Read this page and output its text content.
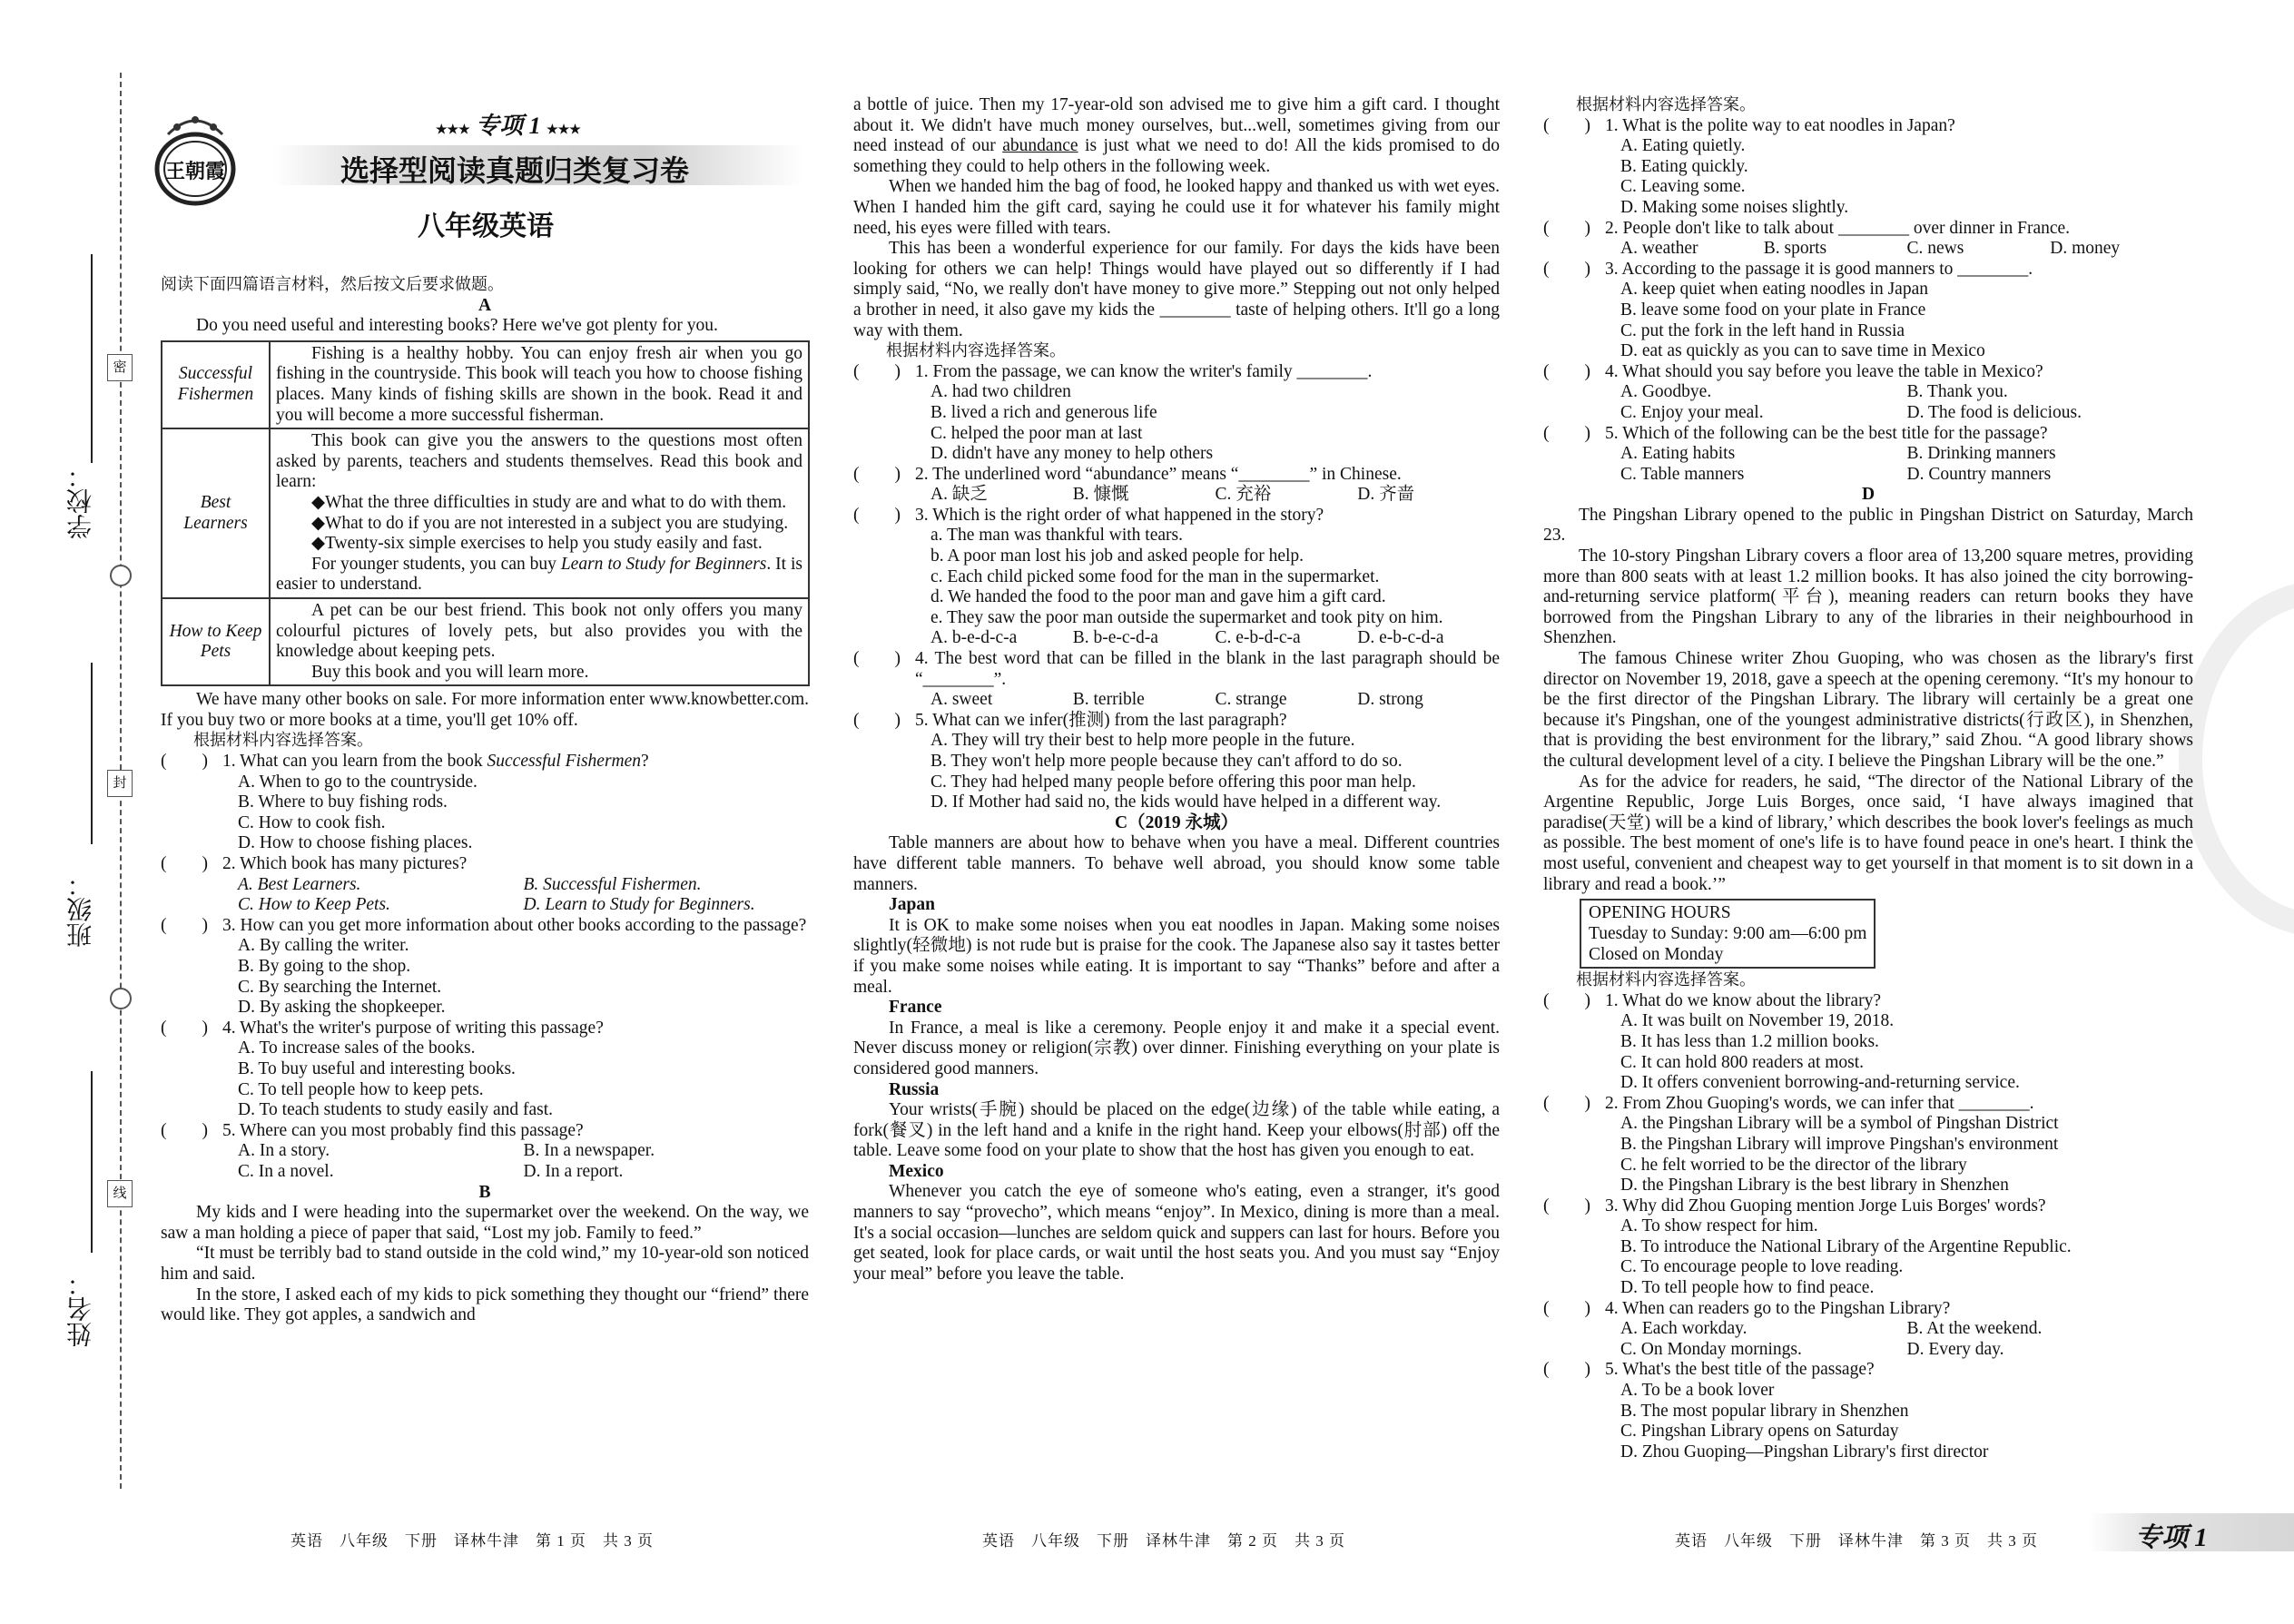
学校：
班级：
姓名：
密
封
线
王朝霞
★★★ 专项 1 ★★★
选择型阅读真题归类复习卷
八年级英语

阅读下面四篇语言材料，然后按文后要求做题。

A

Do you need useful and interesting books? Here we've got plenty for you.

Successful Fishermen	Fishing is a healthy hobby. You can enjoy fresh air when you go fishing in the countryside. This book will teach you how to choose fishing places. Many kinds of fishing skills are shown in the book. Read it and you will become a more successful fisherman.

Best Learners	This book can give you the answers to the questions most often asked by parents, teachers and students themselves. Read this book and learn:

◆What the three difficulties in study are and what to do with them.

◆What to do if you are not interested in a subject you are studying.

◆Twenty-six simple exercises to help you study easily and fast.

For younger students, you can buy Learn to Study for Beginners. It is easier to understand.

How to Keep Pets	A pet can be our best friend. This book not only offers you many colourful pictures of lovely pets, but also provides you with the knowledge about keeping pets.

Buy this book and you will learn more.

We have many other books on sale. For more information enter www.knowbetter.com. If you buy two or more books at a time, you'll get 10% off.

根据材料内容选择答案。

(　　) 1. What can you learn from the book Successful Fishermen?
A. When to go to the countryside.
B. Where to buy fishing rods.
C. How to cook fish.
D. How to choose fishing places.
(　　) 2. Which book has many pictures?
A. Best Learners.	B. Successful Fishermen.
C. How to Keep Pets.	D. Learn to Study for Beginners.
(　　) 3. How can you get more information about other books according to the passage?
A. By calling the writer.
B. By going to the shop.
C. By searching the Internet.
D. By asking the shopkeeper.
(　　) 4. What's the writer's purpose of writing this passage?
A. To increase sales of the books.
B. To buy useful and interesting books.
C. To tell people how to keep pets.
D. To teach students to study easily and fast.
(　　) 5. Where can you most probably find this passage?
A. In a story.	B. In a newspaper.
C. In a novel.	D. In a report.

B

My kids and I were heading into the supermarket over the weekend. On the way, we saw a man holding a piece of paper that said, “Lost my job. Family to feed.”

“It must be terribly bad to stand outside in the cold wind,” my 10-year-old son noticed him and said.

In the store, I asked each of my kids to pick something they thought our “friend” there would like. They got apples, a sandwich and

a bottle of juice. Then my 17-year-old son advised me to give him a gift card. I thought about it. We didn't have much money ourselves, but...well, sometimes giving from our need instead of our abundance is just what we need to do! All the kids promised to do something they could to help others in the following week.

When we handed him the bag of food, he looked happy and thanked us with wet eyes. When I handed him the gift card, saying he could use it for whatever his family might need, his eyes were filled with tears.

This has been a wonderful experience for our family. For days the kids have been looking for others we can help! Things would have played out so differently if I had simply said, “No, we really don't have money to give more.” Stepping out not only helped a brother in need, it also gave my kids the ________ taste of helping others. It'll go a long way with them.

根据材料内容选择答案。

(　　) 1. From the passage, we can know the writer's family ________.
A. had two children
B. lived a rich and generous life
C. helped the poor man at last
D. didn't have any money to help others
(　　) 2. The underlined word “abundance” means “________” in Chinese.
A. 缺乏	B. 慷慨	C. 充裕	D. 齐啬
(　　) 3. Which is the right order of what happened in the story?
a. The man was thankful with tears.
b. A poor man lost his job and asked people for help.
c. Each child picked some food for the man in the supermarket.
d. We handed the food to the poor man and gave him a gift card.
e. They saw the poor man outside the supermarket and took pity on him.
A. b-e-d-c-a	B. b-e-c-d-a	C. e-b-d-c-a	D. e-b-c-d-a
(　　) 4. The best word that can be filled in the blank in the last paragraph should be “________”.
A. sweet	B. terrible	C. strange	D. strong
(　　) 5. What can we infer(推测) from the last paragraph?
A. They will try their best to help more people in the future.
B. They won't help more people because they can't afford to do so.
C. They had helped many people before offering this poor man help.
D. If Mother had said no, the kids would have helped in a different way.

C（2019 永城）

Table manners are about how to behave when you have a meal. Different countries have different table manners. To behave well abroad, you should know some table manners.

Japan

It is OK to make some noises when you eat noodles in Japan. Making some noises slightly(轻微地) is not rude but is praise for the cook. The Japanese also say it tastes better if you make some noises while eating. It is important to say “Thanks” before and after a meal.

France

In France, a meal is like a ceremony. People enjoy it and make it a special event. Never discuss money or religion(宗教) over dinner. Finishing everything on your plate is considered good manners.

Russia

Your wrists(手腕) should be placed on the edge(边缘) of the table while eating, a fork(餐叉) in the left hand and a knife in the right hand. Keep your elbows(肘部) off the table. Leave some food on your plate to show that the host has given you enough to eat.

Mexico

Whenever you catch the eye of someone who's eating, even a stranger, it's good manners to say “provecho”, which means “enjoy”. In Mexico, dining is more than a meal. It's a social occasion—lunches are seldom quick and suppers can last for hours. Before you get seated, look for place cards, or wait until the host seats you. And you must say “Enjoy your meal” before you leave the table.

根据材料内容选择答案。

(　　) 1. What is the polite way to eat noodles in Japan?
A. Eating quietly.
B. Eating quickly.
C. Leaving some.
D. Making some noises slightly.
(　　) 2. People don't like to talk about ________ over dinner in France.
A. weather	B. sports	C. news	D. money
(　　) 3. According to the passage it is good manners to ________.
A. keep quiet when eating noodles in Japan
B. leave some food on your plate in France
C. put the fork in the left hand in Russia
D. eat as quickly as you can to save time in Mexico
(　　) 4. What should you say before you leave the table in Mexico?
A. Goodbye.	B. Thank you.
C. Enjoy your meal.	D. The food is delicious.
(　　) 5. Which of the following can be the best title for the passage?
A. Eating habits	B. Drinking manners
C. Table manners	D. Country manners

D

The Pingshan Library opened to the public in Pingshan District on Saturday, March 23.

The 10-story Pingshan Library covers a floor area of 13,200 square metres, providing more than 800 seats with at least 1.2 million books. It has also joined the city borrowing-and-returning service platform(平台), meaning readers can return books they have borrowed from the Pingshan Library to any of the libraries in their neighbourhood in Shenzhen.

The famous Chinese writer Zhou Guoping, who was chosen as the library's first director on November 19, 2018, gave a speech at the opening ceremony. “It's my honour to be the first director of the Pingshan Library. The library will certainly be a great one because it's Pingshan, one of the youngest administrative districts(行政区), in Shenzhen, that is providing the best environment for the library,” said Zhou. “A good library shows the cultural development level of a city. I believe the Pingshan Library will be the one.”

As for the advice for readers, he said, “The director of the National Library of the Argentine Republic, Jorge Luis Borges, once said, ‘I have always imagined that paradise(天堂) will be a kind of library,’ which describes the book lover's feelings as much as possible. The best moment of one's life is to have found peace in one's heart. I think the most useful, convenient and cheapest way to get yourself in that moment is to sit down in a library and read a book.’”

OPENING HOURS
Tuesday to Sunday: 9:00 am—6:00 pm
Closed on Monday

根据材料内容选择答案。

(　　) 1. What do we know about the library?
A. It was built on November 19, 2018.
B. It has less than 1.2 million books.
C. It can hold 800 readers at most.
D. It offers convenient borrowing-and-returning service.
(　　) 2. From Zhou Guoping's words, we can infer that ________.
A. the Pingshan Library will be a symbol of Pingshan District
B. the Pingshan Library will improve Pingshan's environment
C. he felt worried to be the director of the library
D. the Pingshan Library is the best library in Shenzhen
(　　) 3. Why did Zhou Guoping mention Jorge Luis Borges' words?
A. To show respect for him.
B. To introduce the National Library of the Argentine Republic.
C. To encourage people to love reading.
D. To tell people how to find peace.
(　　) 4. When can readers go to the Pingshan Library?
A. Each workday.	B. At the weekend.
C. On Monday mornings.	D. Every day.
(　　) 5. What's the best title of the passage?
A. To be a book lover
B. The most popular library in Shenzhen
C. Pingshan Library opens on Saturday
D. Zhou Guoping—Pingshan Library's first director
英语　八年级　下册　译林牛津　第 1 页　共 3 页	英语　八年级　下册　译林牛津　第 2 页　共 3 页	英语　八年级　下册　译林牛津　第 3 页　共 3 页	专项 1
